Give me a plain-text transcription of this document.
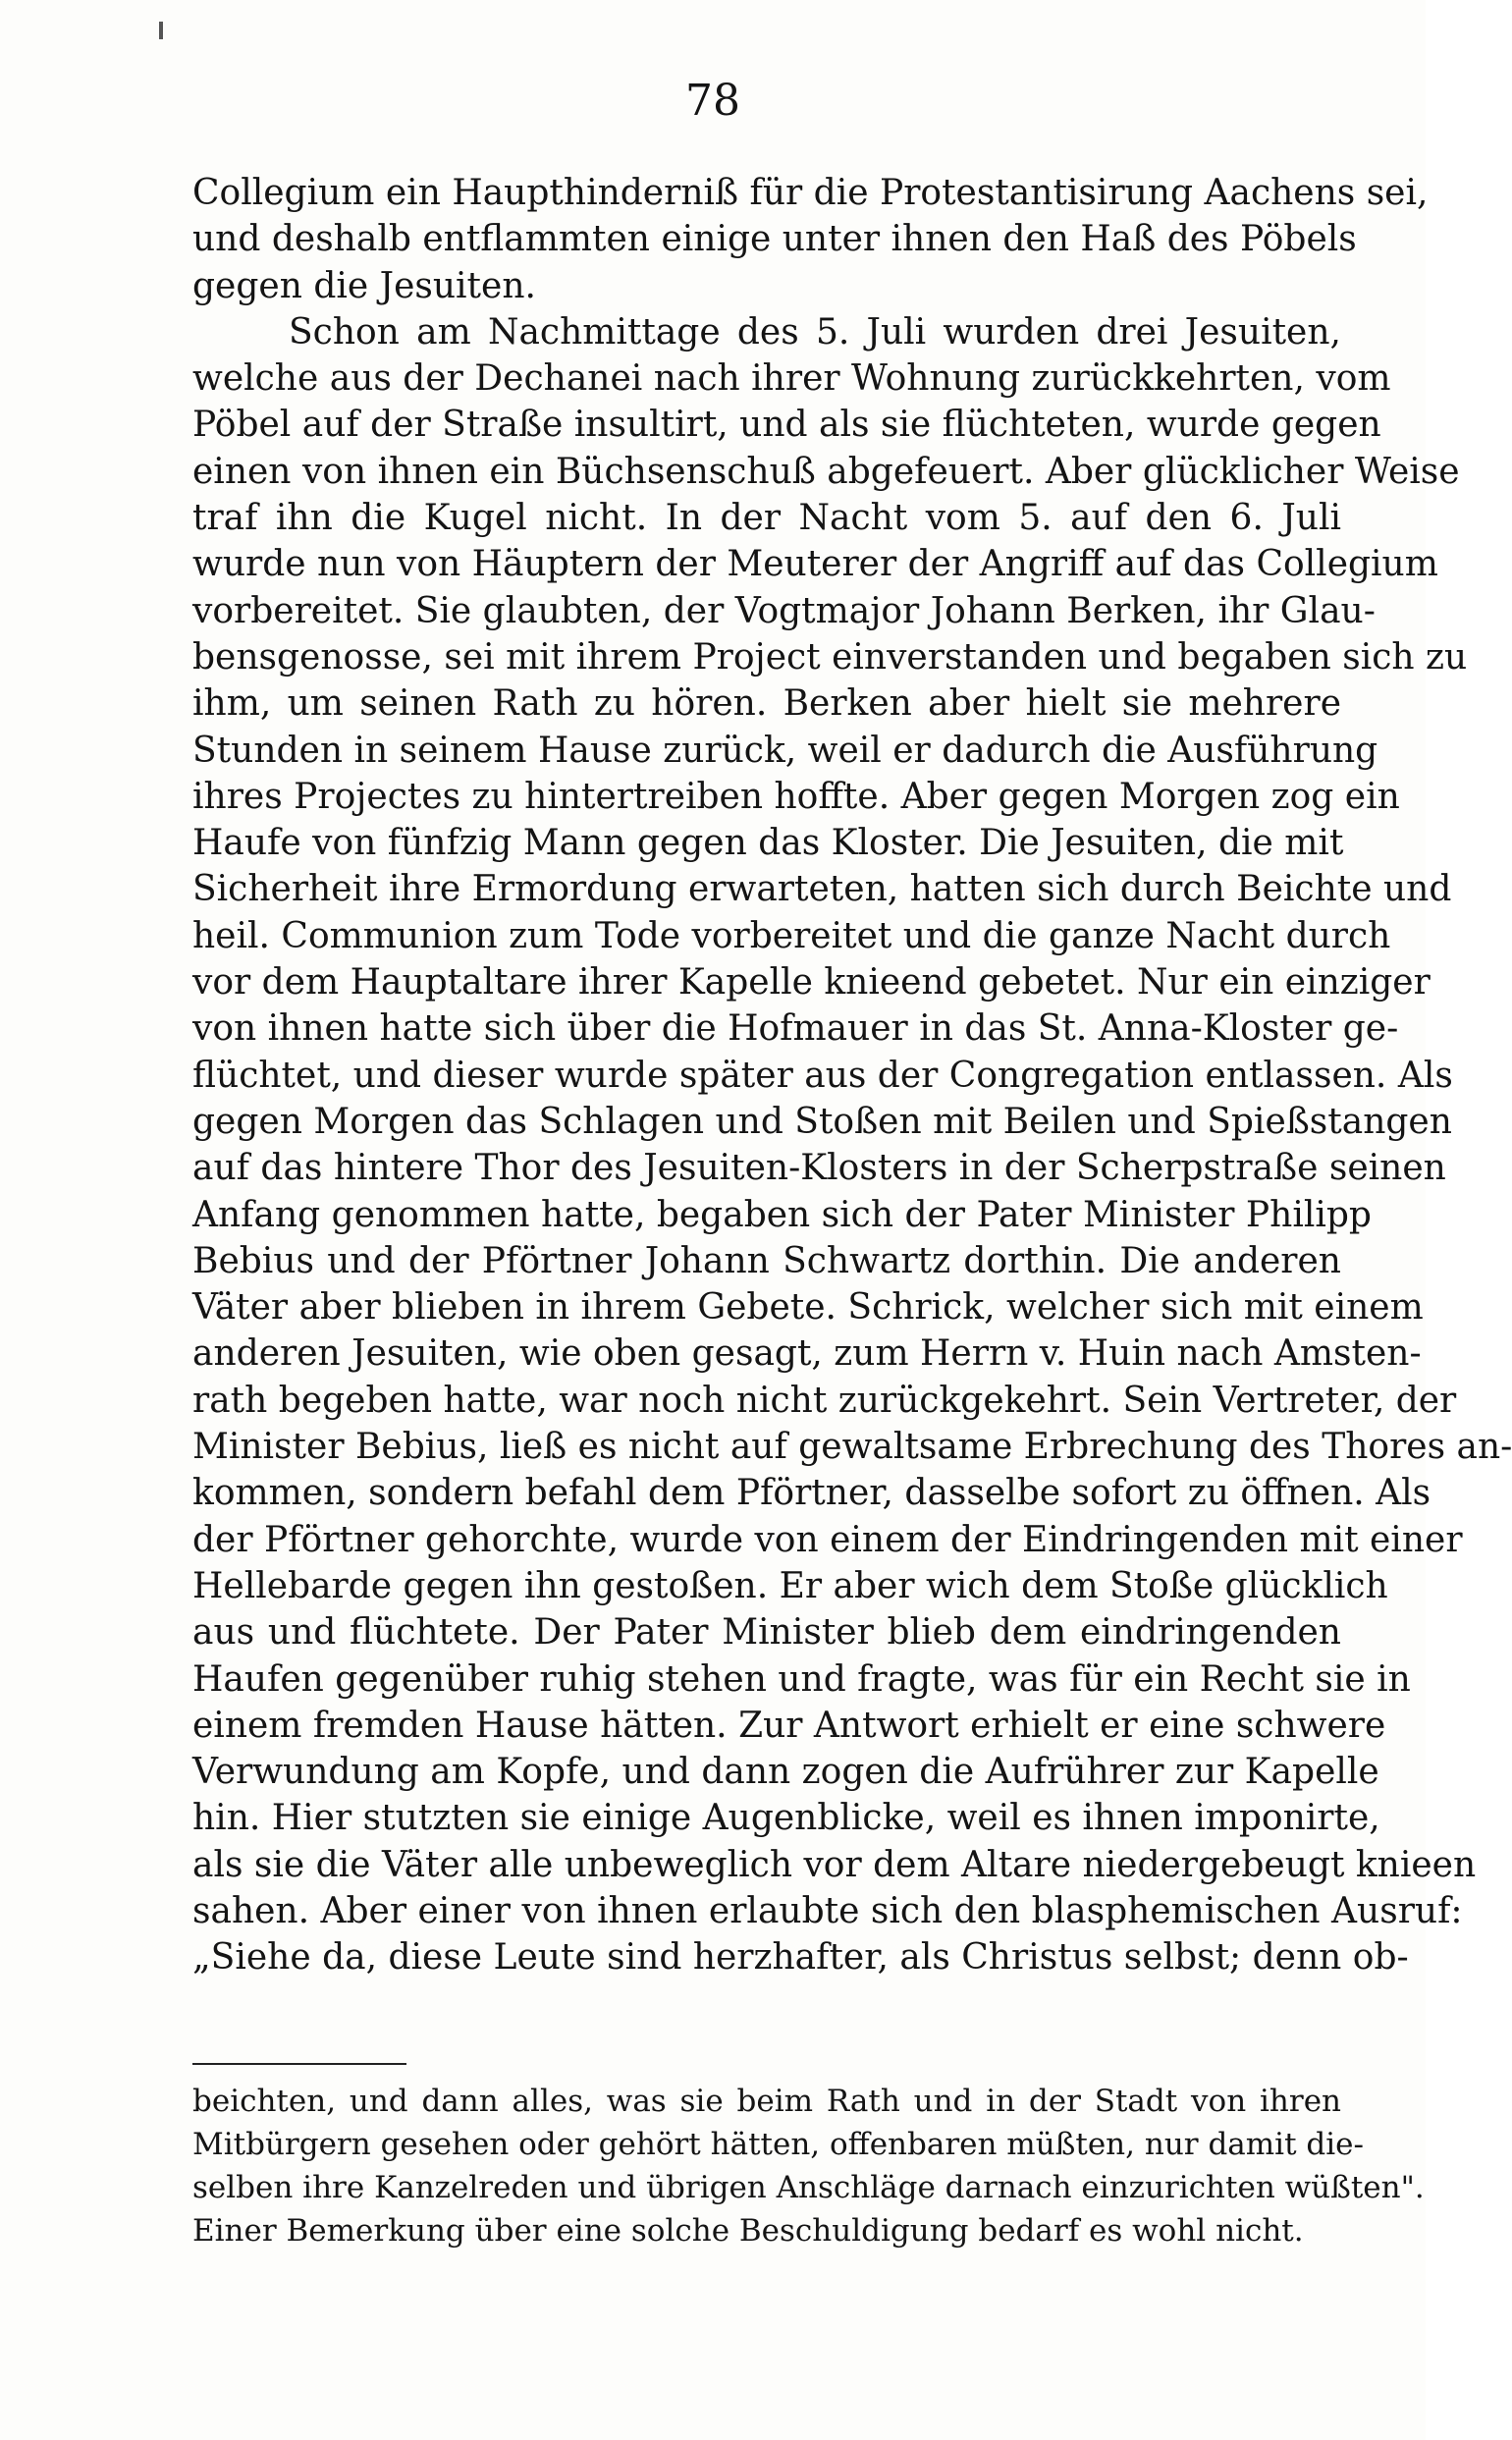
78
Collegium ein Haupthinderniß für die Protestantisirung Aachens sei,
und deshalb entflammten einige unter ihnen den Haß des Pöbels
gegen die Jesuiten.
Schon am Nachmittage des 5. Juli wurden drei Jesuiten,
welche aus der Dechanei nach ihrer Wohnung zurückkehrten, vom
Pöbel auf der Straße insultirt, und als sie flüchteten, wurde gegen
einen von ihnen ein Büchsenschuß abgefeuert. Aber glücklicher Weise
traf ihn die Kugel nicht. In der Nacht vom 5. auf den 6. Juli
wurde nun von Häuptern der Meuterer der Angriff auf das Collegium
vorbereitet. Sie glaubten, der Vogtmajor Johann Berken, ihr Glau-
bensgenosse, sei mit ihrem Project einverstanden und begaben sich zu
ihm, um seinen Rath zu hören. Berken aber hielt sie mehrere
Stunden in seinem Hause zurück, weil er dadurch die Ausführung
ihres Projectes zu hintertreiben hoffte. Aber gegen Morgen zog ein
Haufe von fünfzig Mann gegen das Kloster. Die Jesuiten, die mit
Sicherheit ihre Ermordung erwarteten, hatten sich durch Beichte und
heil. Communion zum Tode vorbereitet und die ganze Nacht durch
vor dem Hauptaltare ihrer Kapelle knieend gebetet. Nur ein einziger
von ihnen hatte sich über die Hofmauer in das St. Anna-Kloster ge-
flüchtet, und dieser wurde später aus der Congregation entlassen. Als
gegen Morgen das Schlagen und Stoßen mit Beilen und Spießstangen
auf das hintere Thor des Jesuiten-Klosters in der Scherpstraße seinen
Anfang genommen hatte, begaben sich der Pater Minister Philipp
Bebius und der Pförtner Johann Schwartz dorthin. Die anderen
Väter aber blieben in ihrem Gebete. Schrick, welcher sich mit einem
anderen Jesuiten, wie oben gesagt, zum Herrn v. Huin nach Amsten-
rath begeben hatte, war noch nicht zurückgekehrt. Sein Vertreter, der
Minister Bebius, ließ es nicht auf gewaltsame Erbrechung des Thores an-
kommen, sondern befahl dem Pförtner, dasselbe sofort zu öffnen. Als
der Pförtner gehorchte, wurde von einem der Eindringenden mit einer
Hellebarde gegen ihn gestoßen. Er aber wich dem Stoße glücklich
aus und flüchtete. Der Pater Minister blieb dem eindringenden
Haufen gegenüber ruhig stehen und fragte, was für ein Recht sie in
einem fremden Hause hätten. Zur Antwort erhielt er eine schwere
Verwundung am Kopfe, und dann zogen die Aufrührer zur Kapelle
hin. Hier stutzten sie einige Augenblicke, weil es ihnen imponirte,
als sie die Väter alle unbeweglich vor dem Altare niedergebeugt knieen
sahen. Aber einer von ihnen erlaubte sich den blasphemischen Ausruf:
„Siehe da, diese Leute sind herzhafter, als Christus selbst; denn ob-
beichten, und dann alles, was sie beim Rath und in der Stadt von ihren
Mitbürgern gesehen oder gehört hätten, offenbaren müßten, nur damit die-
selben ihre Kanzelreden und übrigen Anschläge darnach einzurichten wüßten".
Einer Bemerkung über eine solche Beschuldigung bedarf es wohl nicht.
